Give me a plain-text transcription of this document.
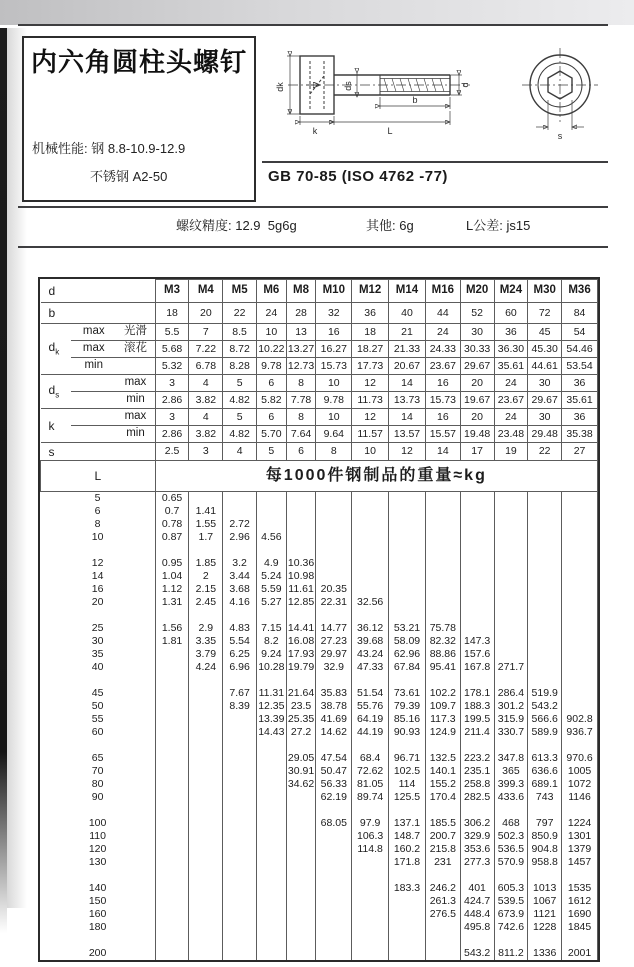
内六角圆柱头螺钉
机械性能: 钢 8.8-10.9-12.9
不锈钢 A2-50
dk	ds	d
b
k	L	s
GB 70-85 (ISO 4762 -77)
螺纹精度: 12.9  5g6g	其他: 6g	L公差: js15
d			M3	M4	M5	M6	M8	M10	M12	M14	M16	M20	M24	M30	M36
b			18	20	22	24	28	32	36	40	44	52	60	72	84
$d_k$	max	光滑	5.5	7	8.5	10	13	16	18	21	24	30	36	45	54
	max	滚花	5.68	7.22	8.72	10.22	13.27	16.27	18.27	21.33	24.33	30.33	36.30	45.30	54.46
	min		5.32	6.78	8.28	9.78	12.73	15.73	17.73	20.67	23.67	29.67	35.61	44.61	53.54
$d_s$		max	3	4	5	6	8	10	12	14	16	20	24	30	36
		min	2.86	3.82	4.82	5.82	7.78	9.78	11.73	13.73	15.73	19.67	23.67	29.67	35.61
k		max	3	4	5	6	8	10	12	14	16	20	24	30	36
		min	2.86	3.82	4.82	5.70	7.64	9.64	11.57	13.57	15.57	19.48	23.48	29.48	35.38
s			2.5	3	4	5	6	8	10	12	14	17	19	22	27
L			每1000件钢制品的重量≈kg												
5			0.65												
6			0.7	1.41											
8			0.78	1.55	2.72										
10			0.87	1.7	2.96	4.56									

12			0.95	1.85	3.2	4.9	10.36								
14			1.04	2	3.44	5.24	10.98								
16			1.12	2.15	3.68	5.59	11.61	20.35							
20			1.31	2.45	4.16	5.27	12.85	22.31	32.56						

25			1.56	2.9	4.83	7.15	14.41	14.77	36.12	53.21	75.78				
30			1.81	3.35	5.54	8.2	16.08	27.23	39.68	58.09	82.32	147.3			
35				3.79	6.25	9.24	17.93	29.97	43.24	62.96	88.86	157.6			
40				4.24	6.96	10.28	19.79	32.9	47.33	67.84	95.41	167.8	271.7		

45					7.67	11.31	21.64	35.83	51.54	73.61	102.2	178.1	286.4	519.9	
50					8.39	12.35	23.5	38.78	55.76	79.39	109.7	188.3	301.2	543.2	
55						13.39	25.35	41.69	64.19	85.16	117.3	199.5	315.9	566.6	902.8
60						14.43	27.2	14.62	44.19	90.93	124.9	211.4	330.7	589.9	936.7

65							29.05	47.54	68.4	96.71	132.5	223.2	347.8	613.3	970.6
70							30.91	50.47	72.62	102.5	140.1	235.1	365	636.6	1005
80							34.62	56.33	81.05	114	155.2	258.8	399.3	689.1	1072
90								62.19	89.74	125.5	170.4	282.5	433.6	743	1146

100								68.05	97.9	137.1	185.5	306.2	468	797	1224
110									106.3	148.7	200.7	329.9	502.3	850.9	1301
120									114.8	160.2	215.8	353.6	536.5	904.8	1379
130										171.8	231	277.3	570.9	958.8	1457

140										183.3	246.2	401	605.3	1013	1535
150											261.3	424.7	539.5	1067	1612
160											276.5	448.4	673.9	1121	1690
180												495.8	742.6	1228	1845

200												543.2	811.2	1336	2001
